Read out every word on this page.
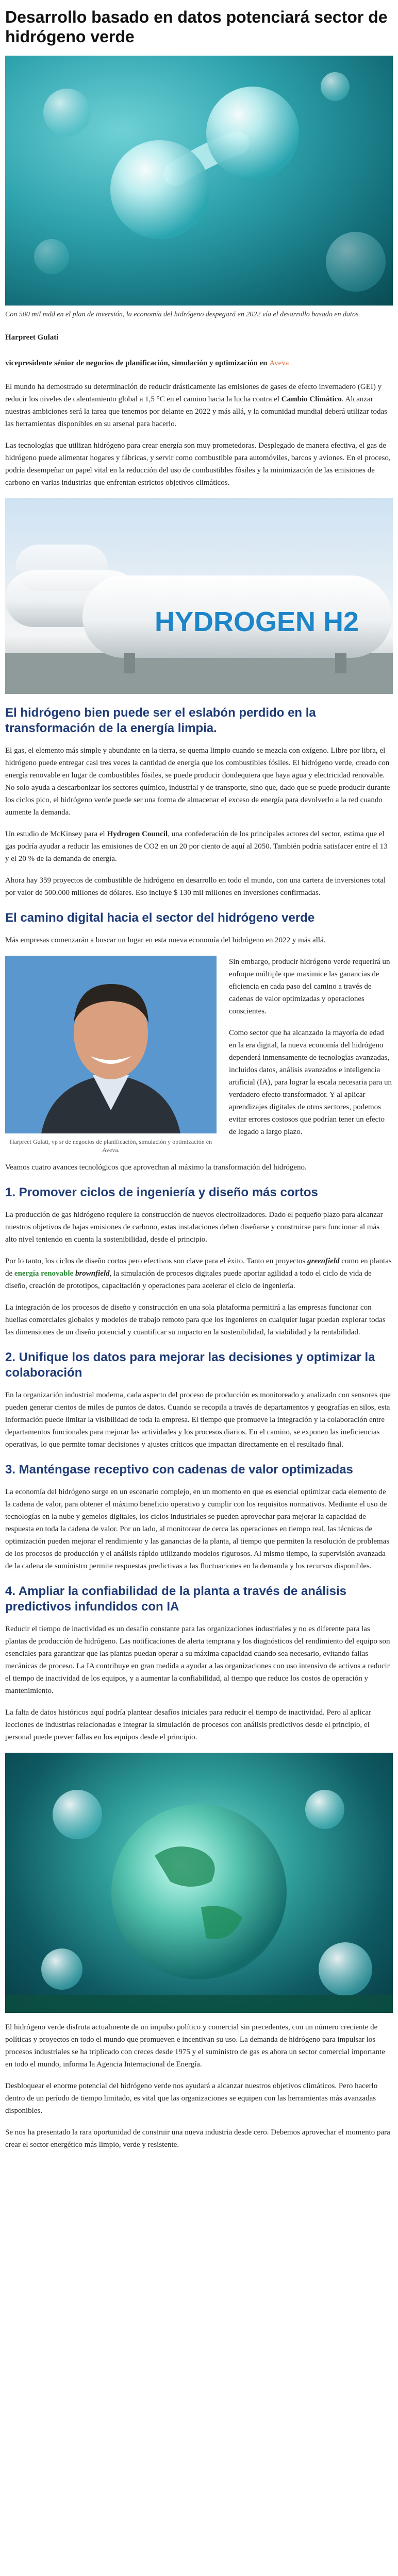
Desarrollo basado en datos potenciará sector de hidrógeno verde

Con 500 mil mdd en el plan de inversión, la economía del hidrógeno despegará en 2022 vía el desarrollo basado en datos

Harpreet Gulati

vicepresidente sénior de negocios de planificación, simulación y optimización en Aveva

El mundo ha demostrado su determinación de reducir drásticamente las emisiones de gases de efecto invernadero (GEI) y reducir los niveles de calentamiento global a 1,5 °C en el camino hacia la lucha contra el Cambio Climático. Alcanzar nuestras ambiciones será la tarea que tenemos por delante en 2022 y más allá, y la comunidad mundial deberá utilizar todas las herramientas disponibles en su arsenal para hacerlo.

Las tecnologías que utilizan hidrógeno para crear energía son muy prometedoras. Desplegado de manera efectiva, el gas de hidrógeno puede alimentar hogares y fábricas, y servir como combustible para automóviles, barcos y aviones. En el proceso, podría desempeñar un papel vital en la reducción del uso de combustibles fósiles y la minimización de las emisiones de carbono en varias industrias que enfrentan estrictos objetivos climáticos.

HYDROGEN H2
El hidrógeno bien puede ser el eslabón perdido en la transformación de la energía limpia.

El gas, el elemento más simple y abundante en la tierra, se quema limpio cuando se mezcla con oxígeno. Libre por libra, el hidrógeno puede entregar casi tres veces la cantidad de energía que los combustibles fósiles. El hidrógeno verde, creado con energía renovable en lugar de combustibles fósiles, se puede producir dondequiera que haya agua y electricidad renovable. No solo ayuda a descarbonizar los sectores químico, industrial y de transporte, sino que, dado que se puede producir durante los ciclos pico, el hidrógeno verde puede ser una forma de almacenar el exceso de energía para devolverlo a la red cuando aumente la demanda.

Un estudio de McKinsey para el Hydrogen Council, una confederación de los principales actores del sector, estima que el gas podría ayudar a reducir las emisiones de CO2 en un 20 por ciento de aquí al 2050. También podría satisfacer entre el 13 y el 20 % de la demanda de energía.

Ahora hay 359 proyectos de combustible de hidrógeno en desarrollo en todo el mundo, con una cartera de inversiones total por valor de 500.000 millones de dólares. Eso incluye $ 130 mil millones en inversiones confirmadas.

El camino digital hacia el sector del hidrógeno verde

Más empresas comenzarán a buscar un lugar en esta nueva economía del hidrógeno en 2022 y más allá.

Harpreet Gulati, vp sr de negocios de planificación, simulación y optimización en Aveva.

Sin embargo, producir hidrógeno verde requerirá un enfoque múltiple que maximice las ganancias de eficiencia en cada paso del camino a través de cadenas de valor optimizadas y operaciones conscientes.

Como sector que ha alcanzado la mayoría de edad en la era digital, la nueva economía del hidrógeno dependerá inmensamente de tecnologías avanzadas, incluidos datos, análisis avanzados e inteligencia artificial (IA), para lograr la escala necesaria para un verdadero efecto transformador. Y al aplicar aprendizajes digitales de otros sectores, podemos evitar errores costosos que podrían tener un efecto de legado a largo plazo.

Veamos cuatro avances tecnológicos que aprovechan al máximo la transformación del hidrógeno.

1. Promover ciclos de ingeniería y diseño más cortos

La producción de gas hidrógeno requiere la construcción de nuevos electrolizadores. Dado el pequeño plazo para alcanzar nuestros objetivos de bajas emisiones de carbono, estas instalaciones deben diseñarse y construirse para funcionar al más alto nivel teniendo en cuenta la sostenibilidad, desde el principio.

Por lo tanto, los ciclos de diseño cortos pero efectivos son clave para el éxito. Tanto en proyectos greenfield como en plantas de energía renovable brownfield, la simulación de procesos digitales puede aportar agilidad a todo el ciclo de vida de diseño, creación de prototipos, capacitación y operaciones para acelerar el ciclo de ingeniería.

La integración de los procesos de diseño y construcción en una sola plataforma permitirá a las empresas funcionar con huellas comerciales globales y modelos de trabajo remoto para que los ingenieros en cualquier lugar puedan explorar todas las dimensiones de un diseño potencial y cuantificar su impacto en la sostenibilidad, la viabilidad y la rentabilidad.

2. Unifique los datos para mejorar las decisiones y optimizar la colaboración

En la organización industrial moderna, cada aspecto del proceso de producción es monitoreado y analizado con sensores que pueden generar cientos de miles de puntos de datos. Cuando se recopila a través de departamentos y geografías en silos, esta información puede limitar la visibilidad de toda la empresa. El tiempo que promueve la integración y la colaboración entre departamentos funcionales para mejorar las actividades y los procesos diarios. En el camino, se exponen las ineficiencias operativas, lo que permite tomar decisiones y ajustes críticos que impactan directamente en el resultado final.

3. Manténgase receptivo con cadenas de valor optimizadas

La economía del hidrógeno surge en un escenario complejo, en un momento en que es esencial optimizar cada elemento de la cadena de valor, para obtener el máximo beneficio operativo y cumplir con los requisitos normativos. Mediante el uso de tecnologías en la nube y gemelos digitales, los ciclos industriales se pueden aprovechar para mejorar la capacidad de respuesta en toda la cadena de valor. Por un lado, al monitorear de cerca las operaciones en tiempo real, las técnicas de optimización pueden mejorar el rendimiento y las ganancias de la planta, al tiempo que permiten la resolución de problemas de los procesos de producción y el análisis rápido utilizando modelos rigurosos. Al mismo tiempo, la supervisión avanzada de la cadena de suministro permite respuestas predictivas a las fluctuaciones en la demanda y los recursos disponibles.

4. Ampliar la confiabilidad de la planta a través de análisis predictivos infundidos con IA

Reducir el tiempo de inactividad es un desafío constante para las organizaciones industriales y no es diferente para las plantas de producción de hidrógeno. Las notificaciones de alerta temprana y los diagnósticos del rendimiento del equipo son esenciales para garantizar que las plantas puedan operar a su máxima capacidad cuando sea necesario, evitando fallas mecánicas de proceso. La IA contribuye en gran medida a ayudar a las organizaciones con uso intensivo de activos a reducir el tiempo de inactividad de los equipos, y a aumentar la confiabilidad, al tiempo que reduce los costos de operación y mantenimiento.

La falta de datos históricos aquí podría plantear desafíos iniciales para reducir el tiempo de inactividad. Pero al aplicar lecciones de industrias relacionadas e integrar la simulación de procesos con análisis predictivos desde el principio, el personal puede prever fallas en los equipos desde el principio.

El hidrógeno verde disfruta actualmente de un impulso político y comercial sin precedentes, con un número creciente de políticas y proyectos en todo el mundo que promueven e incentivan su uso. La demanda de hidrógeno para impulsar los procesos industriales se ha triplicado con creces desde 1975 y el suministro de gas es ahora un sector comercial importante en todo el mundo, informa la Agencia Internacional de Energía.

Desbloquear el enorme potencial del hidrógeno verde nos ayudará a alcanzar nuestros objetivos climáticos. Pero hacerlo dentro de un período de tiempo limitado, es vital que las organizaciones se equipen con las herramientas más avanzadas disponibles.

Se nos ha presentado la rara oportunidad de construir una nueva industria desde cero. Debemos aprovechar el momento para crear el sector energético más limpio, verde y resistente.
